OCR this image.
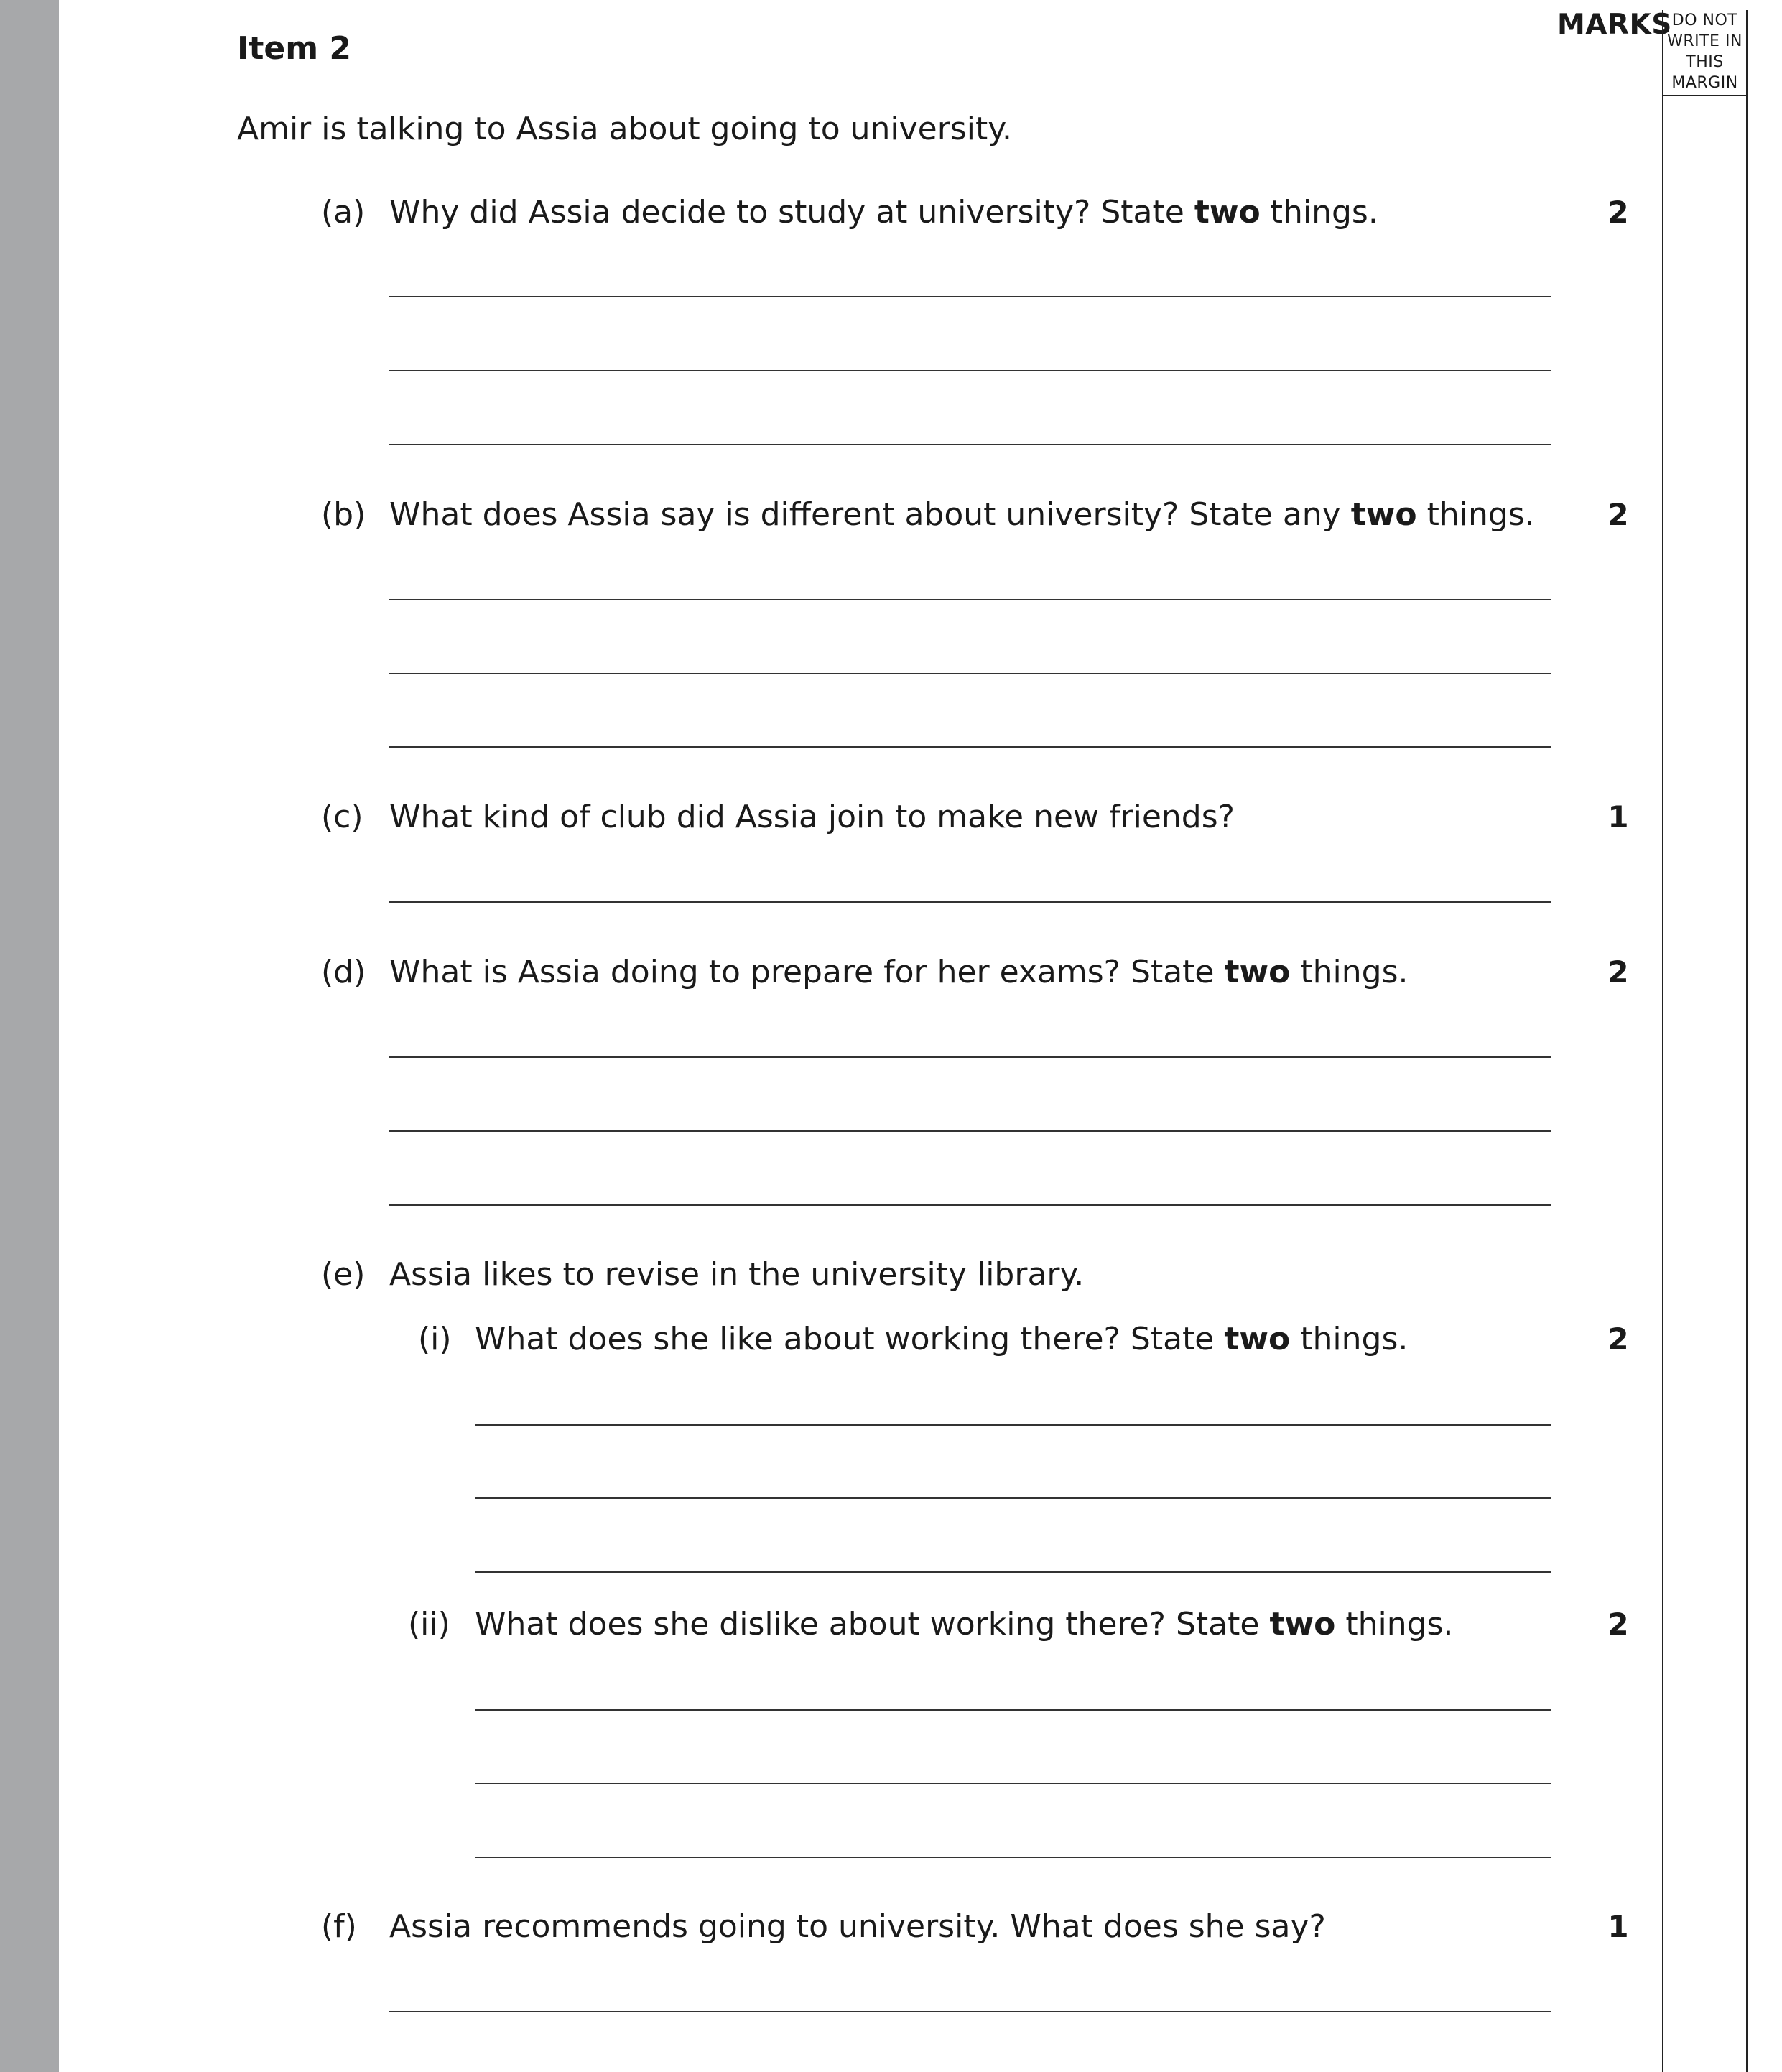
MARKS DO NOT
WRITE IN
THIS
MARGIN
Item 2
Amir is talking to Assia about going to university.
(a) Why did Assia decide to study at university? State two things.	2
(b) What does Assia say is different about university? State any two things. 2
(c) What kind of club did Assia join to make new friends?	1
(d) What is Assia doing to prepare for her exams? State two things.	2
(e) Assia likes to revise in the university library.
(i) What does she like about working there? State two things.	2
(ii) What does she dislike about working there? State two things.	2
(f) Assia recommends going to university. What does she say?	1
